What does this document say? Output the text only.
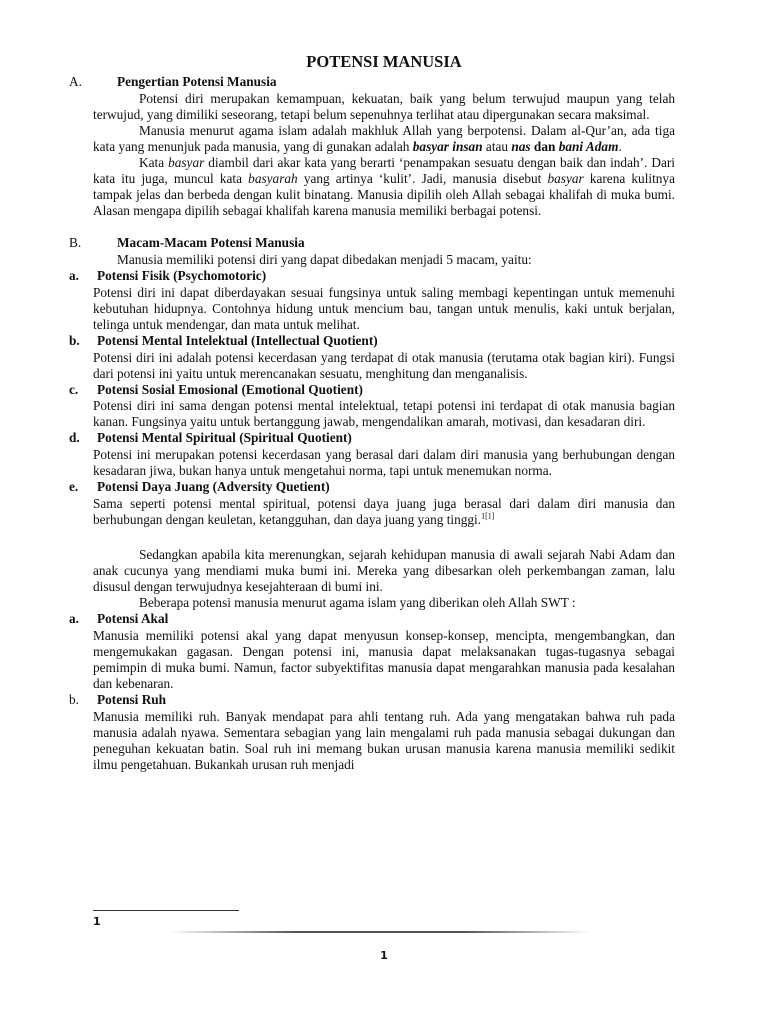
POTENSI MANUSIA
A.	Pengertian Potensi Manusia

Potensi diri merupakan kemampuan, kekuatan, baik yang belum terwujud maupun yang telah terwujud, yang dimiliki seseorang, tetapi belum sepenuhnya terlihat atau dipergunakan secara maksimal.

Manusia menurut agama islam adalah makhluk Allah yang berpotensi. Dalam al-Qur’an, ada tiga kata yang menunjuk pada manusia, yang di gunakan adalah basyar insan atau nas dan bani Adam.

Kata basyar diambil dari akar kata yang berarti ‘penampakan sesuatu dengan baik dan indah’. Dari kata itu juga, muncul kata basyarah yang artinya ‘kulit’. Jadi, manusia disebut basyar karena kulitnya tampak jelas dan berbeda dengan kulit binatang. Manusia dipilih oleh Allah sebagai khalifah di muka bumi. Alasan mengapa dipilih sebagai khalifah karena manusia memiliki berbagai potensi.

B.	Macam-Macam Potensi Manusia

Manusia memiliki potensi diri yang dapat dibedakan menjadi 5 macam, yaitu:

a.	Potensi Fisik (Psychomotoric)

Potensi diri ini dapat diberdayakan sesuai fungsinya untuk saling membagi kepentingan untuk memenuhi kebutuhan hidupnya. Contohnya hidung untuk mencium bau, tangan untuk menulis, kaki untuk berjalan, telinga untuk mendengar, dan mata untuk melihat.

b.	Potensi Mental Intelektual (Intellectual Quotient)

Potensi diri ini adalah potensi kecerdasan yang terdapat di otak manusia (terutama otak bagian kiri). Fungsi dari potensi ini yaitu untuk merencanakan sesuatu, menghitung dan menganalisis.

c.	Potensi Sosial Emosional (Emotional Quotient)

Potensi diri ini sama dengan potensi mental intelektual, tetapi potensi ini terdapat di otak manusia bagian kanan. Fungsinya yaitu untuk bertanggung jawab, mengendalikan amarah, motivasi, dan kesadaran diri.

d.	Potensi Mental Spiritual (Spiritual Quotient)

Potensi ini merupakan potensi kecerdasan yang berasal dari dalam diri manusia yang berhubungan dengan kesadaran jiwa, bukan hanya untuk mengetahui norma, tapi untuk menemukan norma.

e.	Potensi Daya Juang (Adversity Quetient)

Sama seperti potensi mental spiritual, potensi daya juang juga berasal dari dalam diri manusia dan berhubungan dengan keuletan, ketangguhan, dan daya juang yang tinggi.$^{1[1]}$

Sedangkan apabila kita merenungkan, sejarah kehidupan manusia di awali sejarah Nabi Adam dan anak cucunya yang mendiami muka bumi ini. Mereka yang dibesarkan oleh perkembangan zaman, lalu disusul dengan terwujudnya kesejahteraan di bumi ini.

Beberapa potensi manusia menurut agama islam yang diberikan oleh Allah SWT :

a.	Potensi Akal

Manusia memiliki potensi akal yang dapat menyusun konsep-konsep, mencipta, mengembangkan, dan mengemukakan gagasan. Dengan potensi ini, manusia dapat melaksanakan tugas-tugasnya sebagai pemimpin di muka bumi. Namun, factor subyektifitas manusia dapat mengarahkan manusia pada kesalahan dan kebenaran.

b.	Potensi Ruh

Manusia memiliki ruh. Banyak mendapat para ahli tentang ruh. Ada yang mengatakan bahwa ruh pada manusia adalah nyawa. Sementara sebagian yang lain mengalami ruh pada manusia sebagai dukungan dan peneguhan kekuatan batin. Soal ruh ini memang bukan urusan manusia karena manusia memiliki sedikit ilmu pengetahuan. Bukankah urusan ruh menjadi

1
1
